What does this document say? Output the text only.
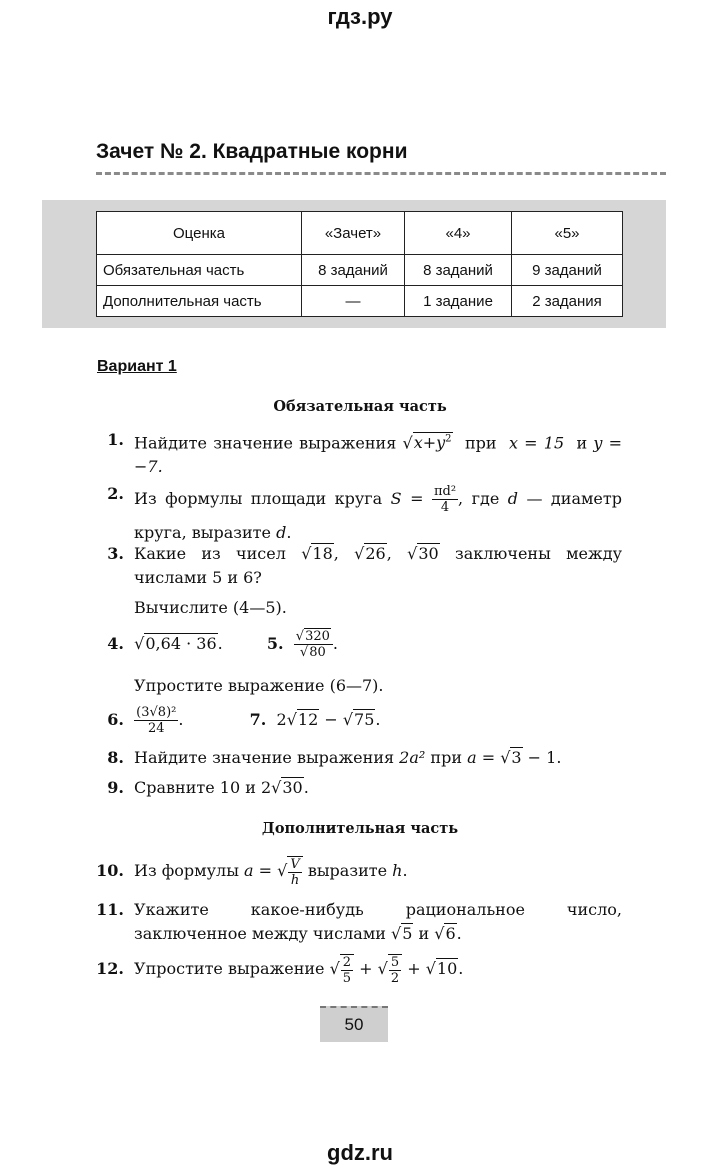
гдз.ру
Зачет № 2. Квадратные корни
Оценка	«Зачет»	«4»	«5»
Обязательная часть	8 заданий	8 заданий	9 заданий
Дополнительная часть	—	1 задание	2 задания
Вариант 1
Обязательная часть
1. Найдите значение выражения $√x+y^2$ при x = 15 и y = −7.
2. Из формулы площади круга $S = \frac{\text{πd²}}{4}$ , где d — диаметр круга, выразите d.
3. Какие из чисел √18, √26, √30 заключены между числами 5 и 6?
Вычислите (4—5).
4.  √0,64 · 36.	5. $\frac{√320}{√80}$ .
Упростите выражение (6—7).
6. $\frac{\text{(3√8)²}}{24}$ .	7. 2√12 − √75.
8. Найдите значение выражения 2a² при a = √3 − 1.
9. Сравните 10 и 2√30.
Дополнительная часть
10. Из формулы a = √ $\frac{V}{h}$ выразите h.
11. Укажите какое-нибудь рациональное число, заключенное между числами √5 и √6.
12. Упростите выражение √ $\frac{2}{5}$ + √ $\frac{5}{2} + √10$.
50
gdz.ru
